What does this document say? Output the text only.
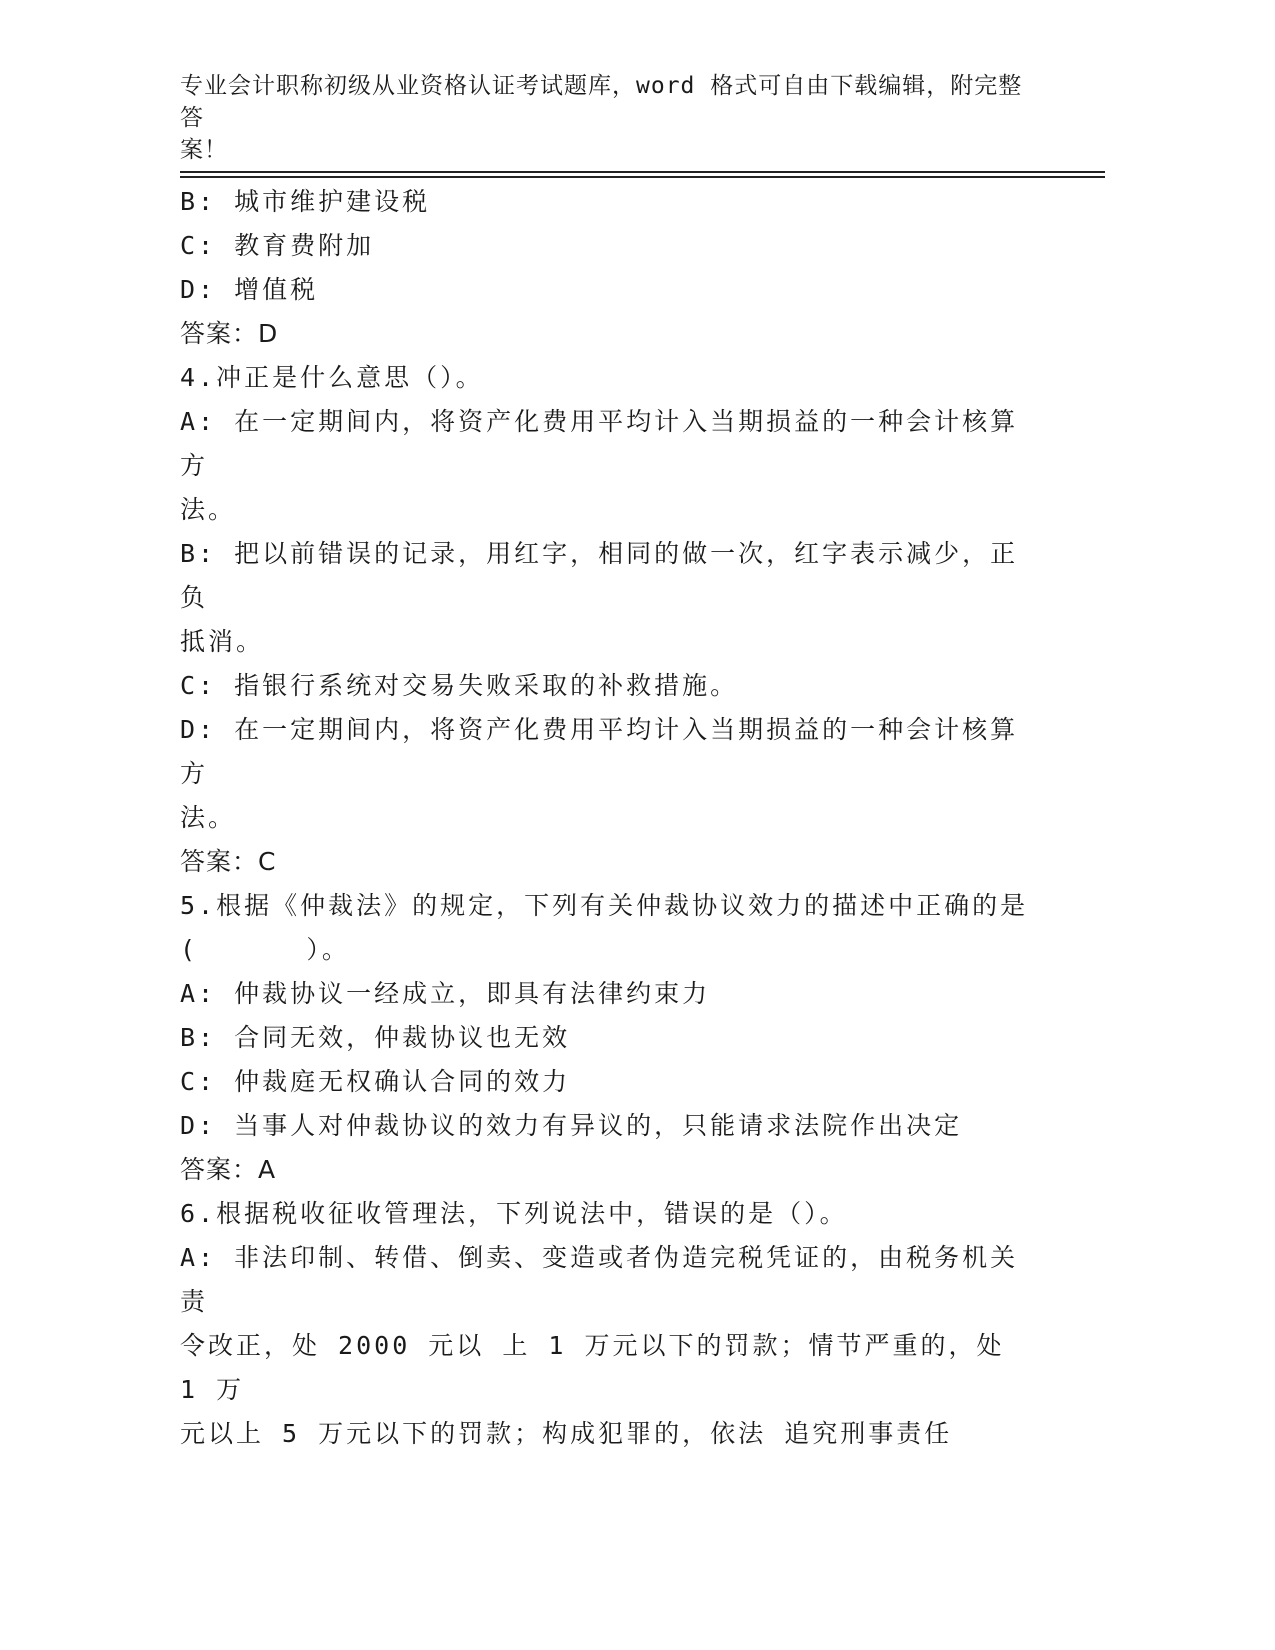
专业会计职称初级从业资格认证考试题库，word 格式可自由下载编辑，附完整答
案！

B: 城市维护建设税

C: 教育费附加

D: 增值税

答案：D

4.冲正是什么意思（）。

A: 在一定期间内，将资产化费用平均计入当期损益的一种会计核算方

法。

B: 把以前错误的记录，用红字，相同的做一次，红字表示减少，正负

抵消。

C: 指银行系统对交易失败采取的补救措施。

D: 在一定期间内，将资产化费用平均计入当期损益的一种会计核算方

法。

答案：C

5.根据《仲裁法》的规定，下列有关仲裁协议效力的描述中正确的是

(      ）。

A: 仲裁协议一经成立，即具有法律约束力

B: 合同无效，仲裁协议也无效

C: 仲裁庭无权确认合同的效力

D: 当事人对仲裁协议的效力有异议的，只能请求法院作出决定

答案：A

6.根据税收征收管理法，下列说法中，错误的是（）。

A: 非法印制、转借、倒卖、变造或者伪造完税凭证的，由税务机关责

令改正，处 2000 元以 上 1 万元以下的罚款；情节严重的，处 1 万

元以上 5 万元以下的罚款；构成犯罪的，依法 追究刑事责任
